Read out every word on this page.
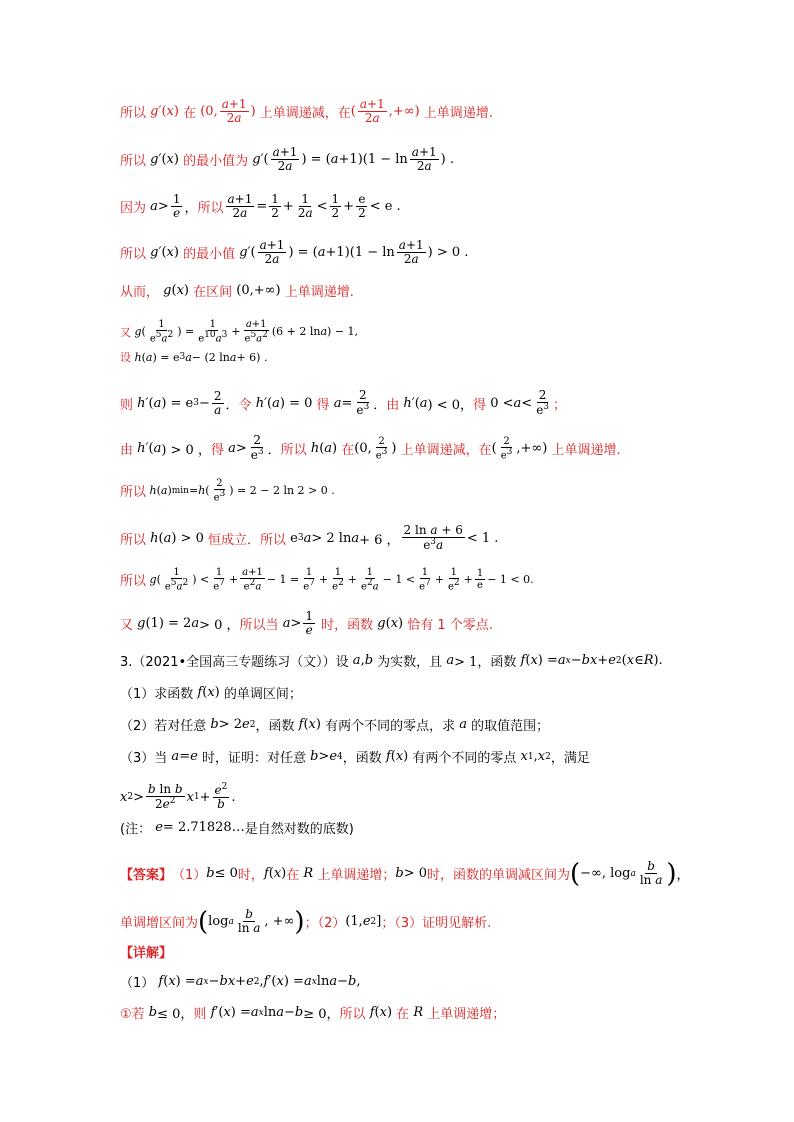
所以
g′ ( x ) 在 (0, $\frac{a+1}{2a}$ ) 上单调递减，在 ( $\frac{a+1}{2a}$ ,+∞) 上单调递增.
所以
g′ ( x ) 的最小值为
g′ ( $\frac{a+1}{2a}$ ) = ( $a +1)(1 - \ln \frac{a+1}{2a}$ ) .
因为
$a > \frac{1}{e}$ ， 所以 $\frac{a+1}{2a} = \frac{1}{2} + \frac{1}{2a} < \frac{1}{2} + \frac{e}{2} < e$ .
所以
g′ ( x ) 的最小值
g′ ( $\frac{a+1}{2a}$ ) = ( $a +1)(1 - \ln \frac{a+1}{2a}$ ) > 0 .
从而，
g ( x ) 在区间 (0,+∞) 上单调递增.
又
g ( $\frac{1}{e^5a^2}$ ) = $\frac{1}{e^{10}a^3} + \frac{a+1}{e^5a^2} (6 + 2$ ln a ) − 1,
设
h ( a ) = e 3 a − (2 ln a + 6) .
则
h′ ( a ) = e $3 - \frac{2}{a}$ ． 令
h′ ( a ) = 0 得
$a = \frac{2}{e^3}$ ． 由
h′ ( a ) < 0， 得 $0 < a < \frac{2}{e^3}$ ；
由
h′ ( a ) > 0 ， 得
$a > \frac{2}{e^3}$ ． 所以
h ( a ) 在 (0, $\frac{2}{e^3}$ ) 上单调递减，在 ( $\frac{2}{e^3}$ ,+∞) 上单调递增.
所以
h ( a ) min = h ( $\frac{2}{e^3}$ ) = 2 − 2 ln 2 > 0 .
所以
h ( a ) > 0 恒成立．所以 e 3 a > 2 ln a + 6 ， $\frac{\text{2 ln a + 6}}{e^3a} < 1$ .
所以
g ( $\frac{1}{e^5a^2}$ ) < $\frac{1}{e^7} + \frac{a+1}{e^2a} - 1 = \frac{1}{e^7} + \frac{1}{e^2} + \frac{1}{e^2a} - 1 < \frac{1}{e^7} + \frac{1}{e^2} + \frac{1}{e} - 1 < 0$.
又
g (1) = 2 a > 0 ， 所以当
$a > \frac{1}{e}$
时，函数
g ( x ) 恰有 1 个零点.
3.（2021•全国高三专题练习（文））设
a , b
为实数，且
a > 1， 函数
f ( x ) = a x − bx + e 2 ( x ∈ R ).
（1）求函数
f ( x ) 的单调区间；
（2）若对任意
b > 2 e 2 ， 函数
f ( x ) 有两个不同的零点，求
a
的取值范围；
（3）当
a = e
时，证明：对任意
b > e 4 ， 函数
f ( x ) 有两个不同的零点
x 1 , x 2 ， 满足
x $2 > \frac{\text{b ln b}}{2e^2}$ x $1 + \frac{e^2}{b}$ .
(注：
e = 2.71828… 是自然对数的底数)
【答案】 （1） b ≤ 0 时， f ( x ) 在
R
上单调递增； b > 0 时，函数的单调减区间为 ( −∞, log a $\frac{b}{\text{ln a}}$ ) ，
单调增区间为 ( log a $\frac{b}{\text{ln a}}$ , +∞ ) ；（2） (1, e 2 ] ；（3）证明见解析.
【详解】
（1）
f ( x ) = a x − bx + e 2 , f ′( x ) = a x ln a − b ,
①若
b ≤ 0， 则
f ′( x ) = a x ln a − b ≥ 0， 所以
f ( x ) 在
R
上单调递增；
